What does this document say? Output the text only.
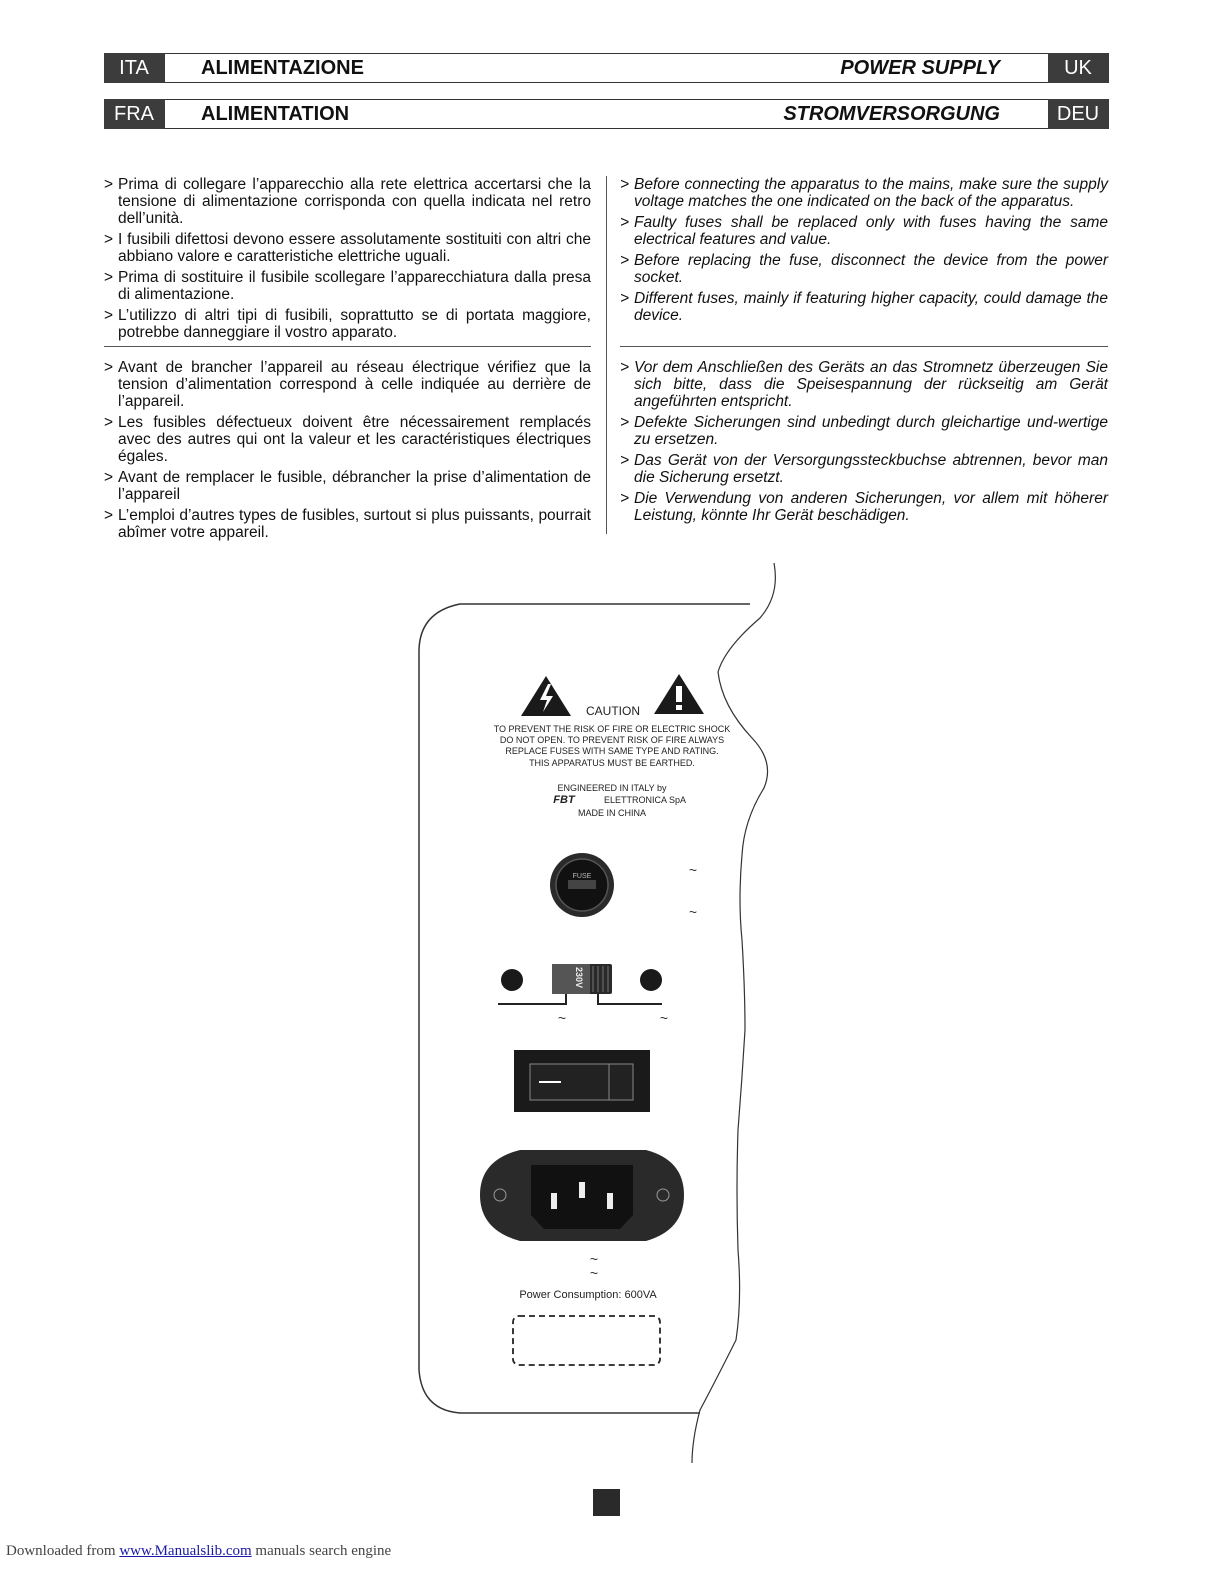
ITA	ALIMENTAZIONE	POWER SUPPLY	UK
FRA	ALIMENTATION	STROMVERSORGUNG	DEU
> Prima di collegare l’apparecchio alla rete elettrica accertarsi che la tensione di alimentazione corrisponda con quella indicata nel retro dell’unità.
> I fusibili difettosi devono essere assolutamente sostituiti con altri che abbiano valore e caratteristiche elettriche uguali.
> Prima di sostituire il fusibile scollegare l’apparecchiatura dalla presa di alimentazione.
> L’utilizzo di altri tipi di fusibili, soprattutto se di portata maggiore, potrebbe danneggiare il vostro apparato.
> Before connecting the apparatus to the mains, make sure the supply voltage matches the one indicated on the back of the apparatus.
> Faulty fuses shall be replaced only with fuses having the same electrical features and value.
> Before replacing the fuse, disconnect the device from the power socket.
> Different fuses, mainly if featuring higher capacity, could damage the device.
> Avant de brancher l’appareil au réseau électrique vérifiez que la tension d’alimentation correspond à celle indiquée au derrière de l’appareil.
> Les fusibles défectueux doivent être nécessairement remplacés avec des autres qui ont la valeur et les caractéristiques électriques égales.
> Avant de remplacer le fusible, débrancher la prise d’alimentation de l’appareil
> L’emploi d’autres types de fusibles, surtout si plus puissants, pourrait abîmer votre appareil.
> Vor dem Anschließen des Geräts an das Stromnetz überzeugen Sie sich bitte, dass die Speisespannung der rückseitig am Gerät angeführten entspricht.
> Defekte Sicherungen sind unbedingt durch gleichartige und-wertige zu ersetzen.
> Das Gerät von der Versorgungssteckbuchse abtrennen, bevor man die Sicherung ersetzt.
> Die Verwendung von anderen Sicherungen, vor allem mit höherer Leistung, könnte Ihr Gerät beschädigen.
CAUTION
TO PREVENT THE RISK OF FIRE OR ELECTRIC SHOCK
DO NOT OPEN. TO PREVENT RISK OF FIRE ALWAYS
REPLACE FUSES WITH SAME TYPE AND RATING.
THIS APPARATUS MUST BE EARTHED.
ENGINEERED IN ITALY by
FBT	ELETTRONICA SpA
MADE IN CHINA
FUSE	~
~
230V
~	~
~
~
Power Consumption: 600VA
Downloaded from www.Manualslib.com manuals search engine
